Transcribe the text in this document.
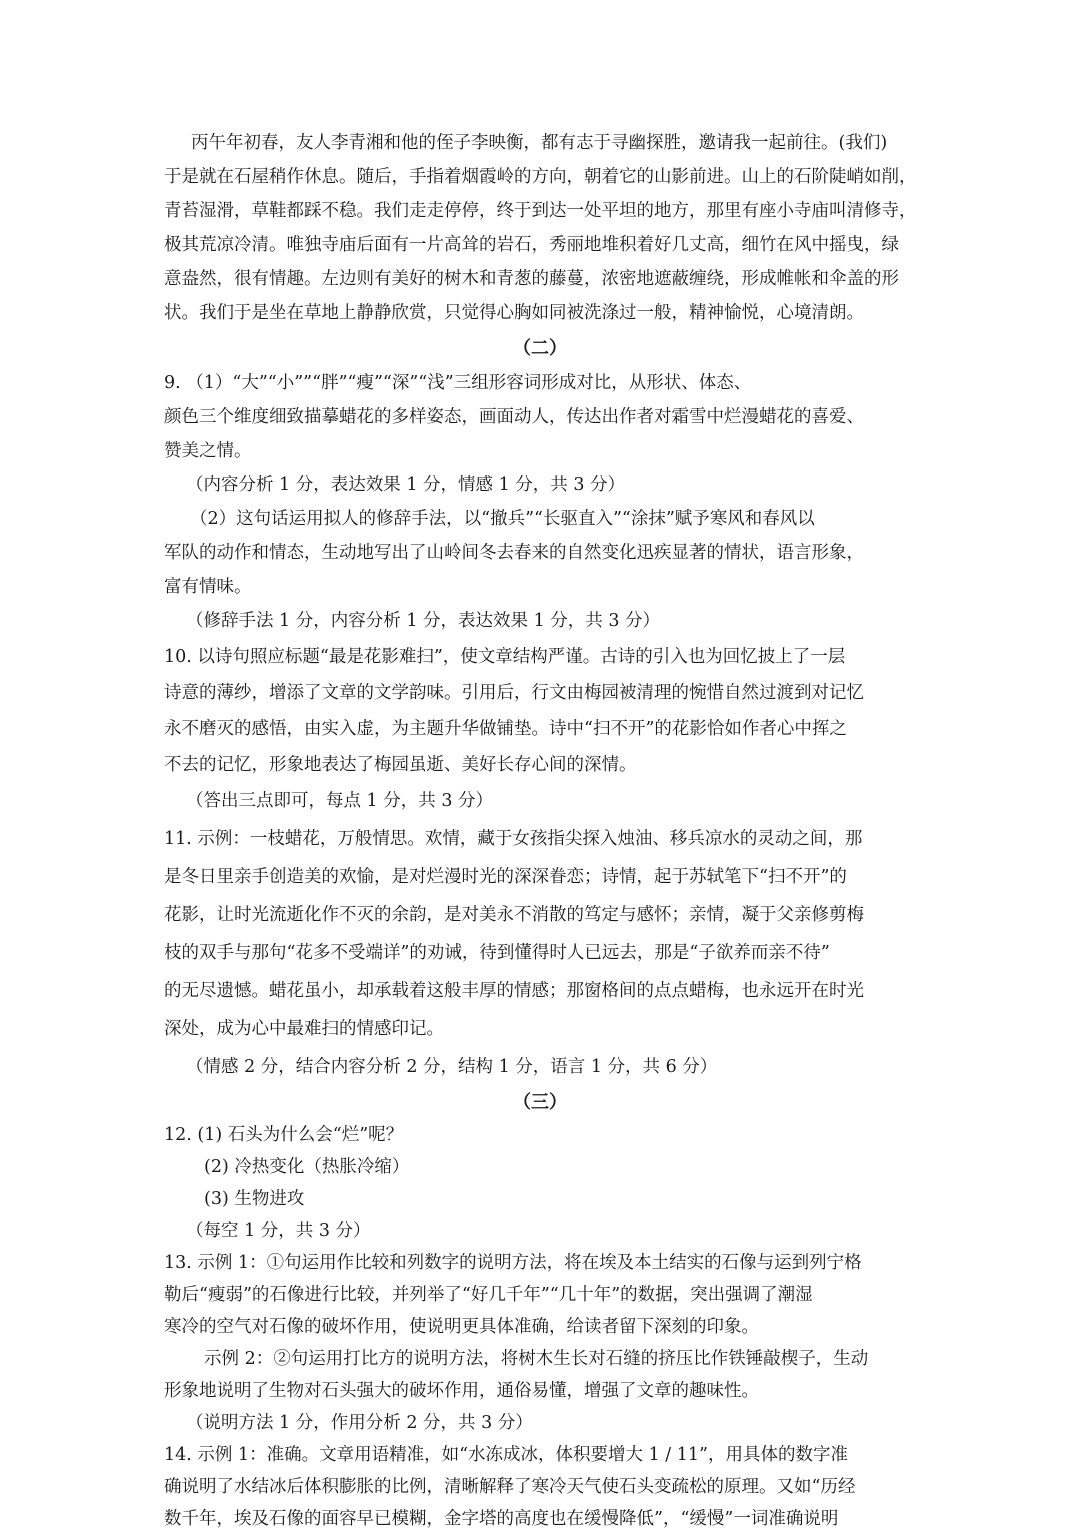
丙午年初春，友人李青湘和他的侄子李映衡，都有志于寻幽探胜，邀请我一起前往。(我们)

于是就在石屋稍作休息。随后，手指着烟霞岭的方向，朝着它的山影前进。山上的石阶陡峭如削，

青苔湿滑，草鞋都踩不稳。我们走走停停，终于到达一处平坦的地方，那里有座小寺庙叫清修寺，

极其荒凉冷清。唯独寺庙后面有一片高耸的岩石，秀丽地堆积着好几丈高，细竹在风中摇曳，绿

意盎然，很有情趣。左边则有美好的树木和青葱的藤蔓，浓密地遮蔽缠绕，形成帷帐和伞盖的形

状。我们于是坐在草地上静静欣赏，只觉得心胸如同被洗涤过一般，精神愉悦，心境清朗。

（二）

9. （1）“大”“小””“胖”“瘦”“深”“浅”三组形容词形成对比，从形状、体态、

颜色三个维度细致描摹蜡花的多样姿态，画面动人，传达出作者对霜雪中烂漫蜡花的喜爱、

赞美之情。

（内容分析 1 分，表达效果 1 分，情感 1 分，共 3 分）

（2）这句话运用拟人的修辞手法，以“撤兵”“长驱直入”“涂抹”赋予寒风和春风以

军队的动作和情态，生动地写出了山岭间冬去春来的自然变化迅疾显著的情状，语言形象，

富有情味。

（修辞手法 1 分，内容分析 1 分，表达效果 1 分，共 3 分）

10. 以诗句照应标题“最是花影难扫”，使文章结构严谨。古诗的引入也为回忆披上了一层

诗意的薄纱，增添了文章的文学韵味。引用后，行文由梅园被清理的惋惜自然过渡到对记忆

永不磨灭的感悟，由实入虚，为主题升华做铺垫。诗中“扫不开”的花影恰如作者心中挥之

不去的记忆，形象地表达了梅园虽逝、美好长存心间的深情。

（答出三点即可，每点 1 分，共 3 分）

11. 示例：一枝蜡花，万般情思。欢情，藏于女孩指尖探入烛油、移兵凉水的灵动之间，那

是冬日里亲手创造美的欢愉，是对烂漫时光的深深眷恋；诗情，起于苏轼笔下“扫不开”的

花影，让时光流逝化作不灭的余韵，是对美永不消散的笃定与感怀；亲情，凝于父亲修剪梅

枝的双手与那句“花多不受端详”的劝诫，待到懂得时人已远去，那是“子欲养而亲不待”

的无尽遗憾。蜡花虽小，却承载着这般丰厚的情感；那窗格间的点点蜡梅，也永远开在时光

深处，成为心中最难扫的情感印记。

（情感 2 分，结合内容分析 2 分，结构 1 分，语言 1 分，共 6 分）

（三）

12. (1) 石头为什么会“烂”呢？

(2) 冷热变化（热胀冷缩）

(3) 生物进攻

（每空 1 分，共 3 分）

13. 示例 1：①句运用作比较和列数字的说明方法，将在埃及本土结实的石像与运到列宁格

勒后“瘦弱”的石像进行比较，并列举了“好几千年”“几十年”的数据，突出强调了潮湿

寒冷的空气对石像的破坏作用，使说明更具体准确，给读者留下深刻的印象。

示例 2：②句运用打比方的说明方法，将树木生长对石缝的挤压比作铁锤敲楔子，生动

形象地说明了生物对石头强大的破坏作用，通俗易懂，增强了文章的趣味性。

（说明方法 1 分，作用分析 2 分，共 3 分）

14. 示例 1：准确。文章用语精准，如“水冻成冰，体积要增大 1 / 11”，用具体的数字准

确说明了水结冰后体积膨胀的比例，清晰解释了寒冷天气使石头变疏松的原理。又如“历经

数千年，埃及石像的面容早已模糊，金字塔的高度也在缓慢降低”，“缓慢”一词准确说明
